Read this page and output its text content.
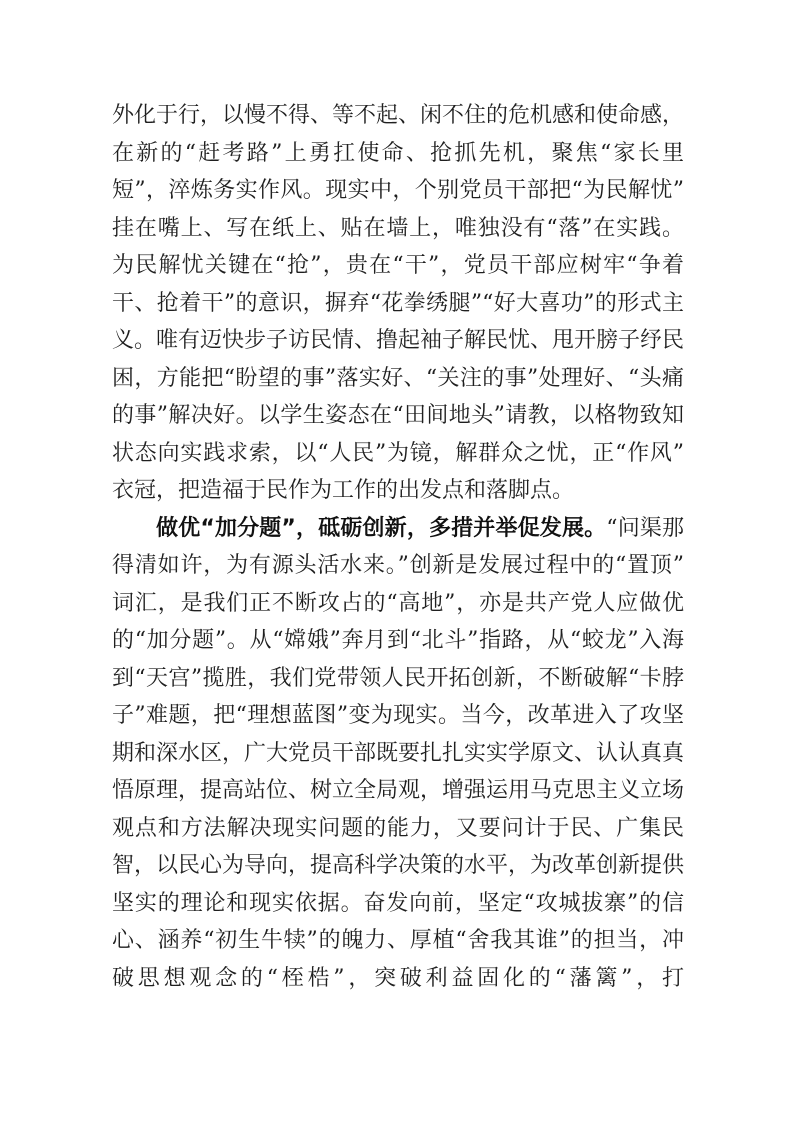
外化于行，以慢不得、等不起、闲不住的危机感和使命感，在新的“赶考路”上勇扛使命、抢抓先机，聚焦“家长里短”，淬炼务实作风。现实中，个别党员干部把“为民解忧”挂在嘴上、写在纸上、贴在墙上，唯独没有“落”在实践。为民解忧关键在“抢”，贵在“干”，党员干部应树牢“争着干、抢着干”的意识，摒弃“花拳绣腿”“好大喜功”的形式主义。唯有迈快步子访民情、撸起袖子解民忧、甩开膀子纾民困，方能把“盼望的事”落实好、“关注的事”处理好、“头痛的事”解决好。以学生姿态在“田间地头”请教，以格物致知状态向实践求索，以“人民”为镜，解群众之忧，正“作风”衣冠，把造福于民作为工作的出发点和落脚点。

做优“加分题”，砥砺创新，多措并举促发展。“问渠那得清如许，为有源头活水来。”创新是发展过程中的“置顶”词汇，是我们正不断攻占的“高地”，亦是共产党人应做优的“加分题”。从“嫦娥”奔月到“北斗”指路，从“蛟龙”入海到“天宫”揽胜，我们党带领人民开拓创新，不断破解“卡脖子”难题，把“理想蓝图”变为现实。当今，改革进入了攻坚期和深水区，广大党员干部既要扎扎实实学原文、认认真真悟原理，提高站位、树立全局观，增强运用马克思主义立场观点和方法解决现实问题的能力，又要问计于民、广集民智，以民心为导向，提高科学决策的水平，为改革创新提供坚实的理论和现实依据。奋发向前，坚定“攻城拔寨”的信心、涵养“初生牛犊”的魄力、厚植“舍我其谁”的担当，冲破思想观念的“桎梏”，突破利益固化的“藩篱”，打
